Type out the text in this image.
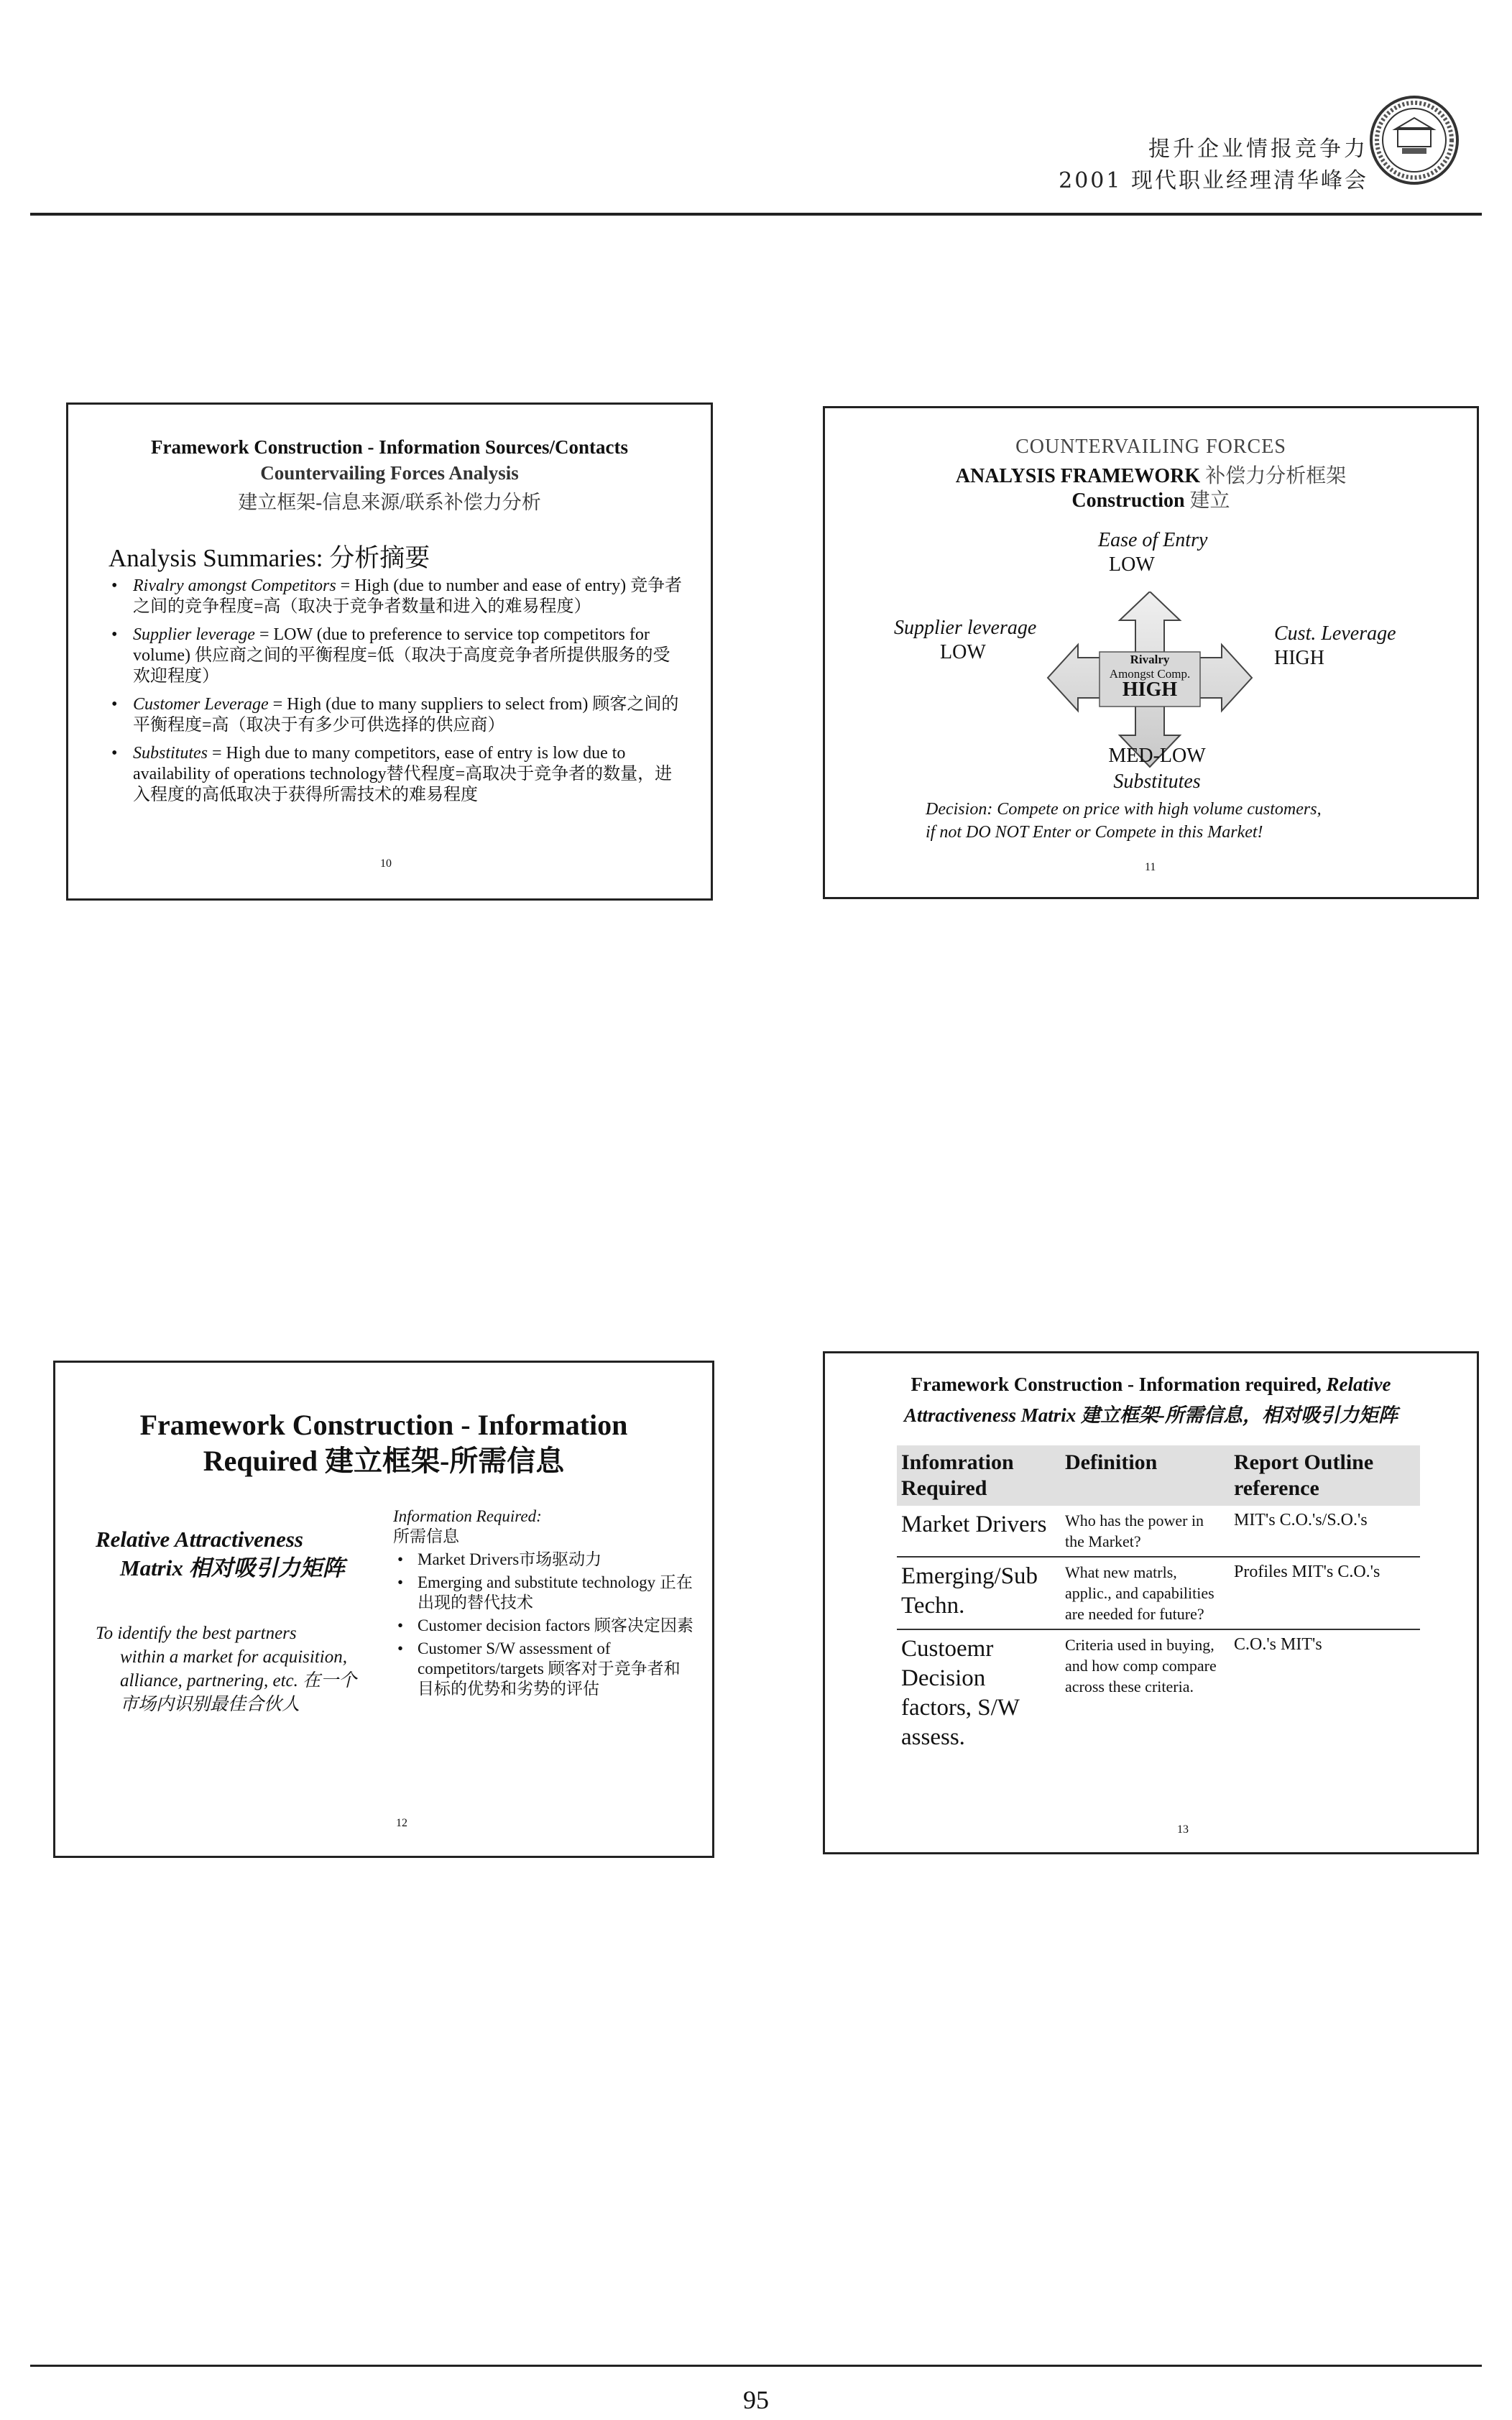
提升企业情报竞争力
2001 现代职业经理清华峰会
Framework Construction - Information Sources/Contacts
Countervailing Forces Analysis
建立框架-信息来源/联系补偿力分析
Analysis Summaries: 分析摘要
• Rivalry amongst Competitors = High (due to number and ease of entry) 竞争者之间的竞争程度=高（取决于竞争者数量和进入的难易程度）
• Supplier leverage = LOW (due to preference to service top competitors for volume) 供应商之间的平衡程度=低（取决于高度竞争者所提供服务的受欢迎程度）
• Customer Leverage = High (due to many suppliers to select from) 顾客之间的平衡程度=高（取决于有多少可供选择的供应商）
• Substitutes = High due to many competitors, ease of entry is low due to availability of operations technology替代程度=高取决于竞争者的数量，进入程度的高低取决于获得所需技术的难易程度
10
COUNTERVAILING FORCES
ANALYSIS FRAMEWORK 补偿力分析框架
Construction 建立
Ease of Entry
LOW
Supplier leverage
LOW
Cust. Leverage
HIGH
Rivalry
Amongst Comp.
HIGH
MED-LOW
Substitutes
Decision: Compete on price with high volume customers,
if not DO NOT Enter or Compete in this Market!
11
Framework Construction - Information
Required 建立框架-所需信息
Relative Attractiveness
Matrix 相对吸引力矩阵
To identify the best partners
within a market for acquisition, alliance, partnering, etc. 在一个市场内识别最佳合伙人
Information Required:
所需信息
• Market Drivers市场驱动力
• Emerging and substitute technology 正在出现的替代技术
• Customer decision factors 顾客决定因素
• Customer S/W assessment of competitors/targets 顾客对于竞争者和目标的优势和劣势的评估
12
Framework Construction - Information required, Relative
Attractiveness Matrix 建立框架-所需信息，相对吸引力矩阵
Infomration Required	Definition	Report Outline reference
Market Drivers	Who has the power in the Market?	MIT's C.O.'s/S.O.'s
Emerging/Sub Techn.	What new matrls, applic., and capabilities are needed for future?	Profiles MIT's C.O.'s
Custoemr Decision factors, S/W assess.	Criteria used in buying, and how comp compare across these criteria.	C.O.'s MIT's
13
95
